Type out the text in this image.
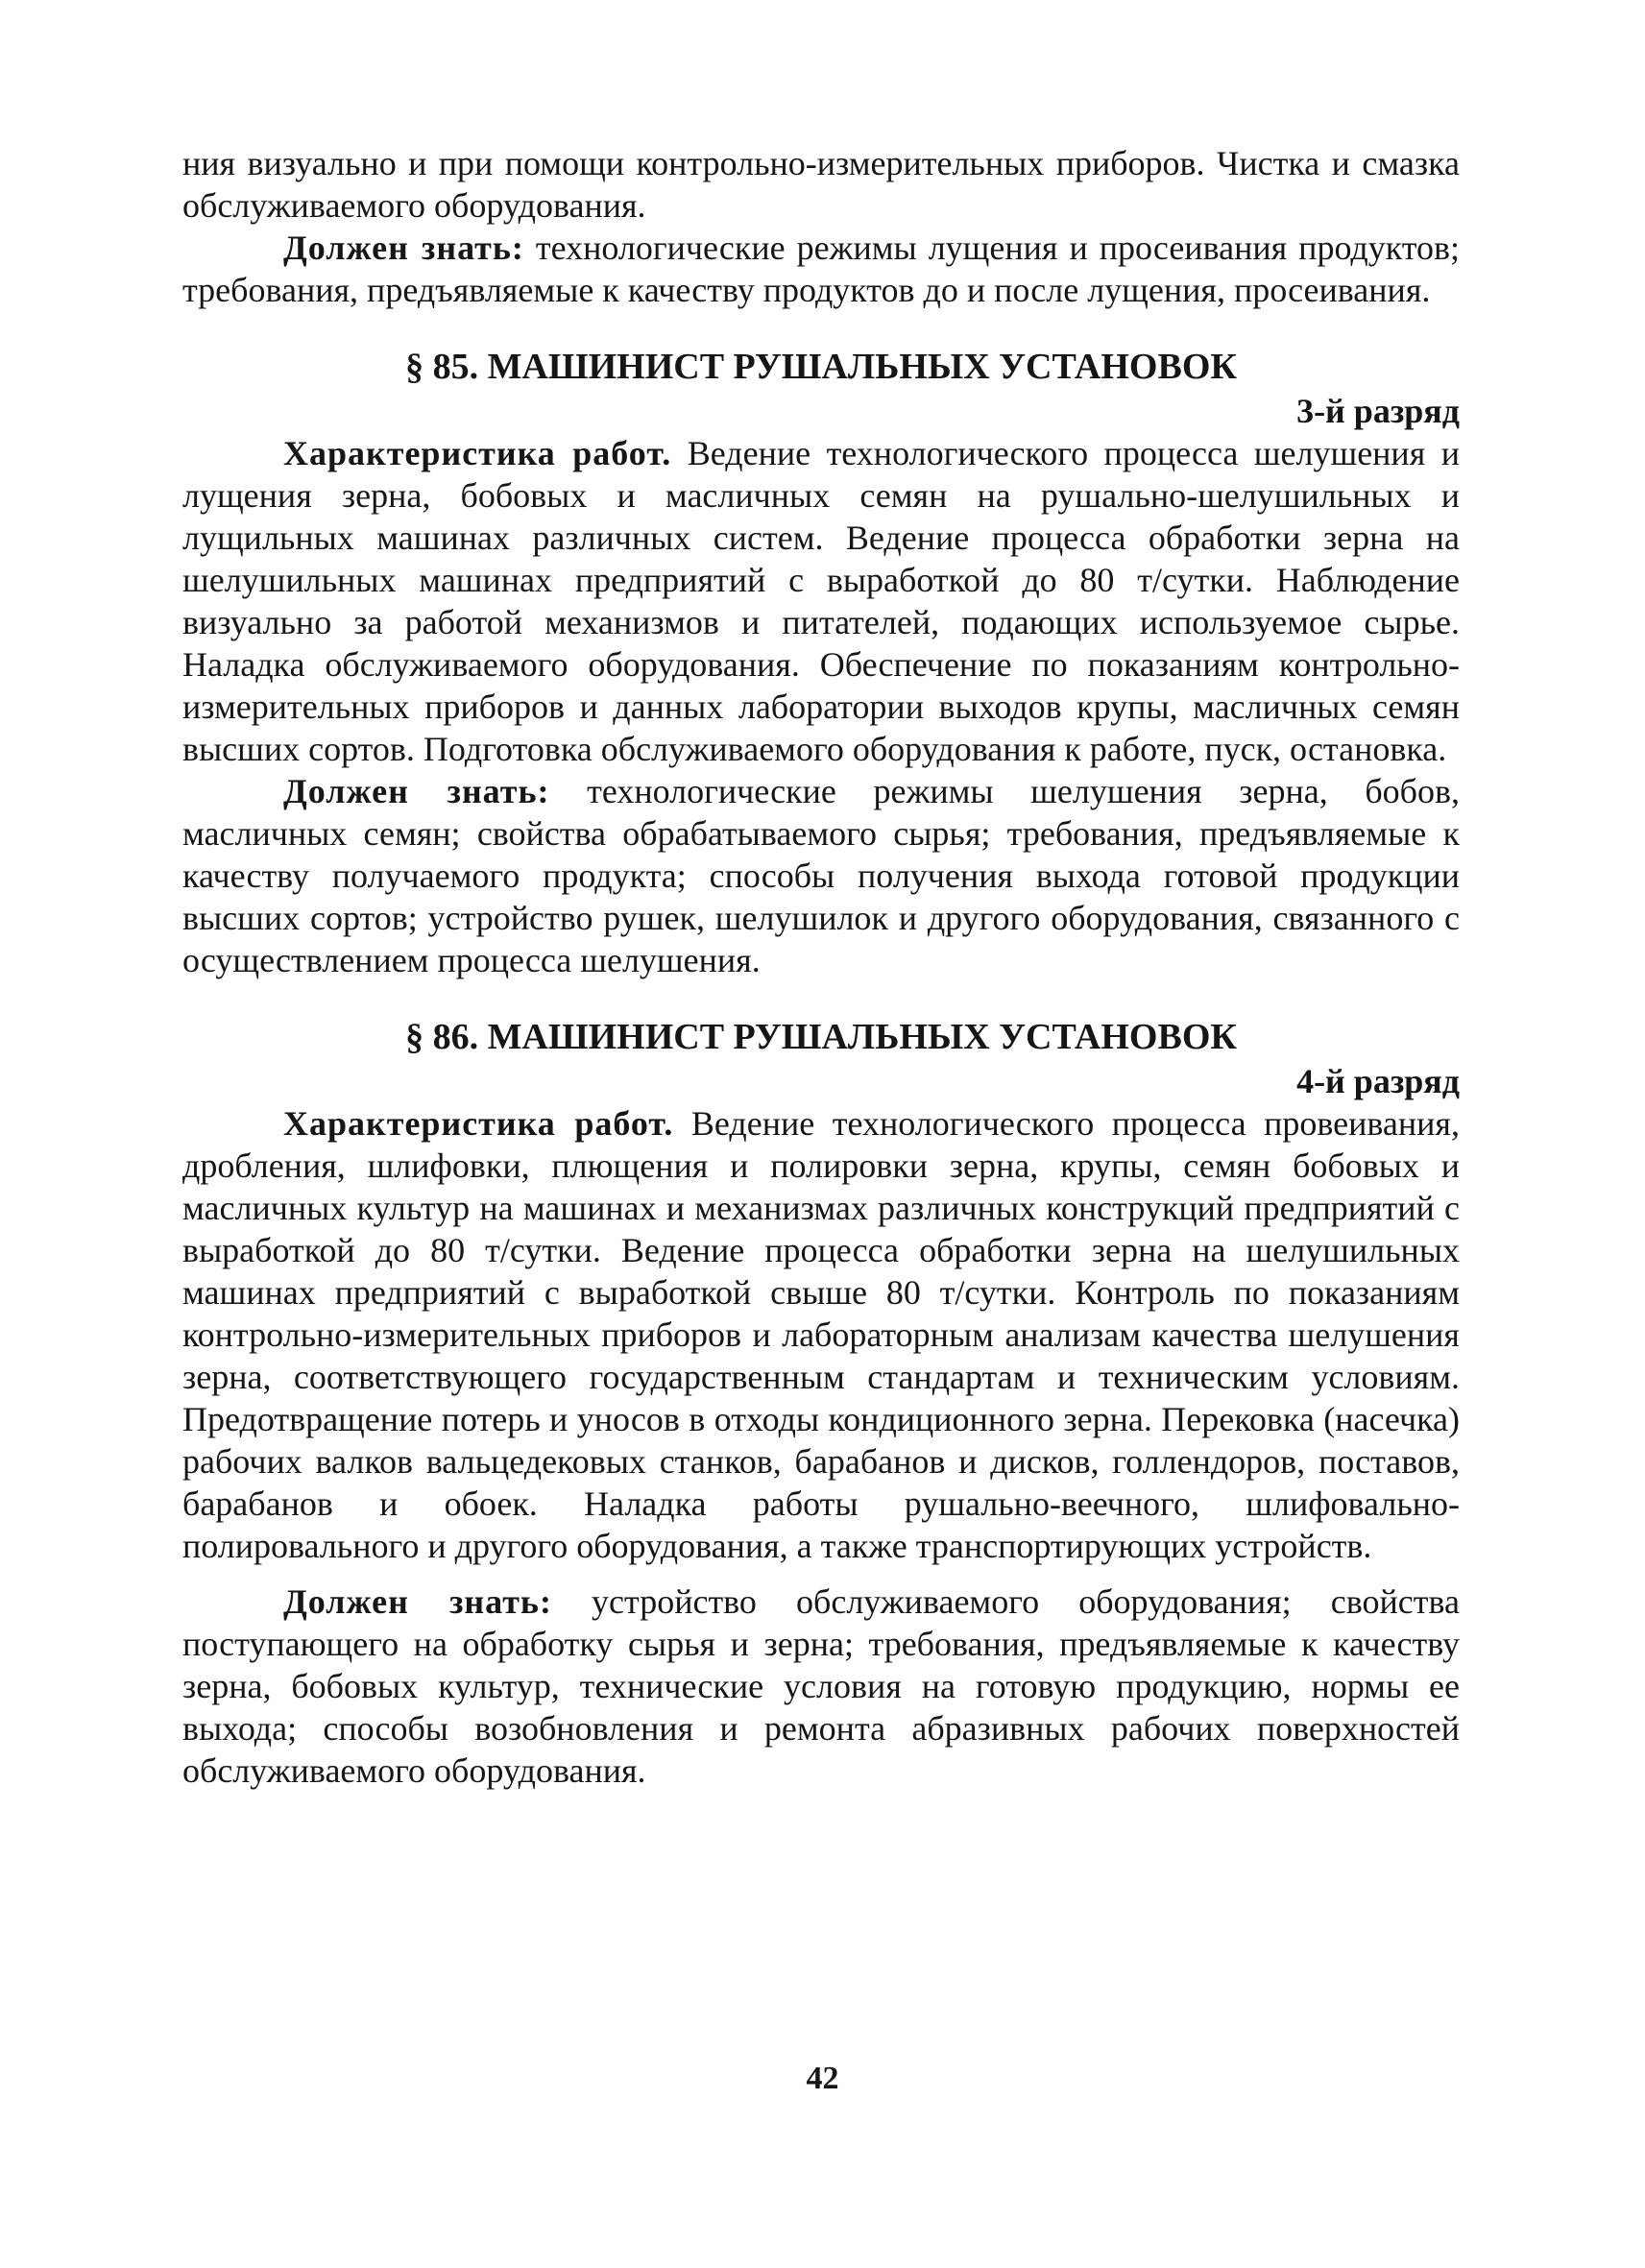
ния визуально и при помощи контрольно-измерительных приборов. Чистка и смазка обслуживаемого оборудования.

Должен знать: технологические режимы лущения и просеивания продуктов; требования, предъявляемые к качеству продуктов до и после лущения, просеивания.

§ 85. МАШИНИСТ РУШАЛЬНЫХ УСТАНОВОК
3-й разряд

Характеристика работ. Ведение технологического процесса шелушения и лущения зерна, бобовых и масличных семян на рушально-шелушильных и лущильных машинах различных систем. Ведение процесса обработки зерна на шелушильных машинах предприятий с выработкой до 80 т/сутки. Наблюдение визуально за работой механизмов и питателей, подающих используемое сырье. Наладка обслуживаемого оборудования. Обеспечение по показаниям контрольно-измерительных приборов и данных лаборатории выходов крупы, масличных семян высших сортов. Подготовка обслуживаемого оборудования к работе, пуск, остановка.

Должен знать: технологические режимы шелушения зерна, бобов, масличных семян; свойства обрабатываемого сырья; требования, предъявляемые к качеству получаемого продукта; способы получения выхода готовой продукции высших сортов; устройство рушек, шелушилок и другого оборудования, связанного с осуществлением процесса шелушения.

§ 86. МАШИНИСТ РУШАЛЬНЫХ УСТАНОВОК
4-й разряд

Характеристика работ. Ведение технологического процесса провеивания, дробления, шлифовки, плющения и полировки зерна, крупы, семян бобовых и масличных культур на машинах и механизмах различных конструкций предприятий с выработкой до 80 т/сутки. Ведение процесса обработки зерна на шелушильных машинах предприятий с выработкой свыше 80 т/сутки. Контроль по показаниям контрольно-измерительных приборов и лабораторным анализам качества шелушения зерна, соответствующего государственным стандартам и техническим условиям. Предотвращение потерь и уносов в отходы кондиционного зерна. Перековка (насечка) рабочих валков вальцедековых станков, барабанов и дисков, голлендоров, поставов, барабанов и обоек. Наладка работы рушально-веечного, шлифовально-полировального и другого оборудования, а также транспортирующих устройств.

Должен знать: устройство обслуживаемого оборудования; свойства поступающего на обработку сырья и зерна; требования, предъявляемые к качеству зерна, бобовых культур, технические условия на готовую продукцию, нормы ее выхода; способы возобновления и ремонта абразивных рабочих поверхностей обслуживаемого оборудования.

42
